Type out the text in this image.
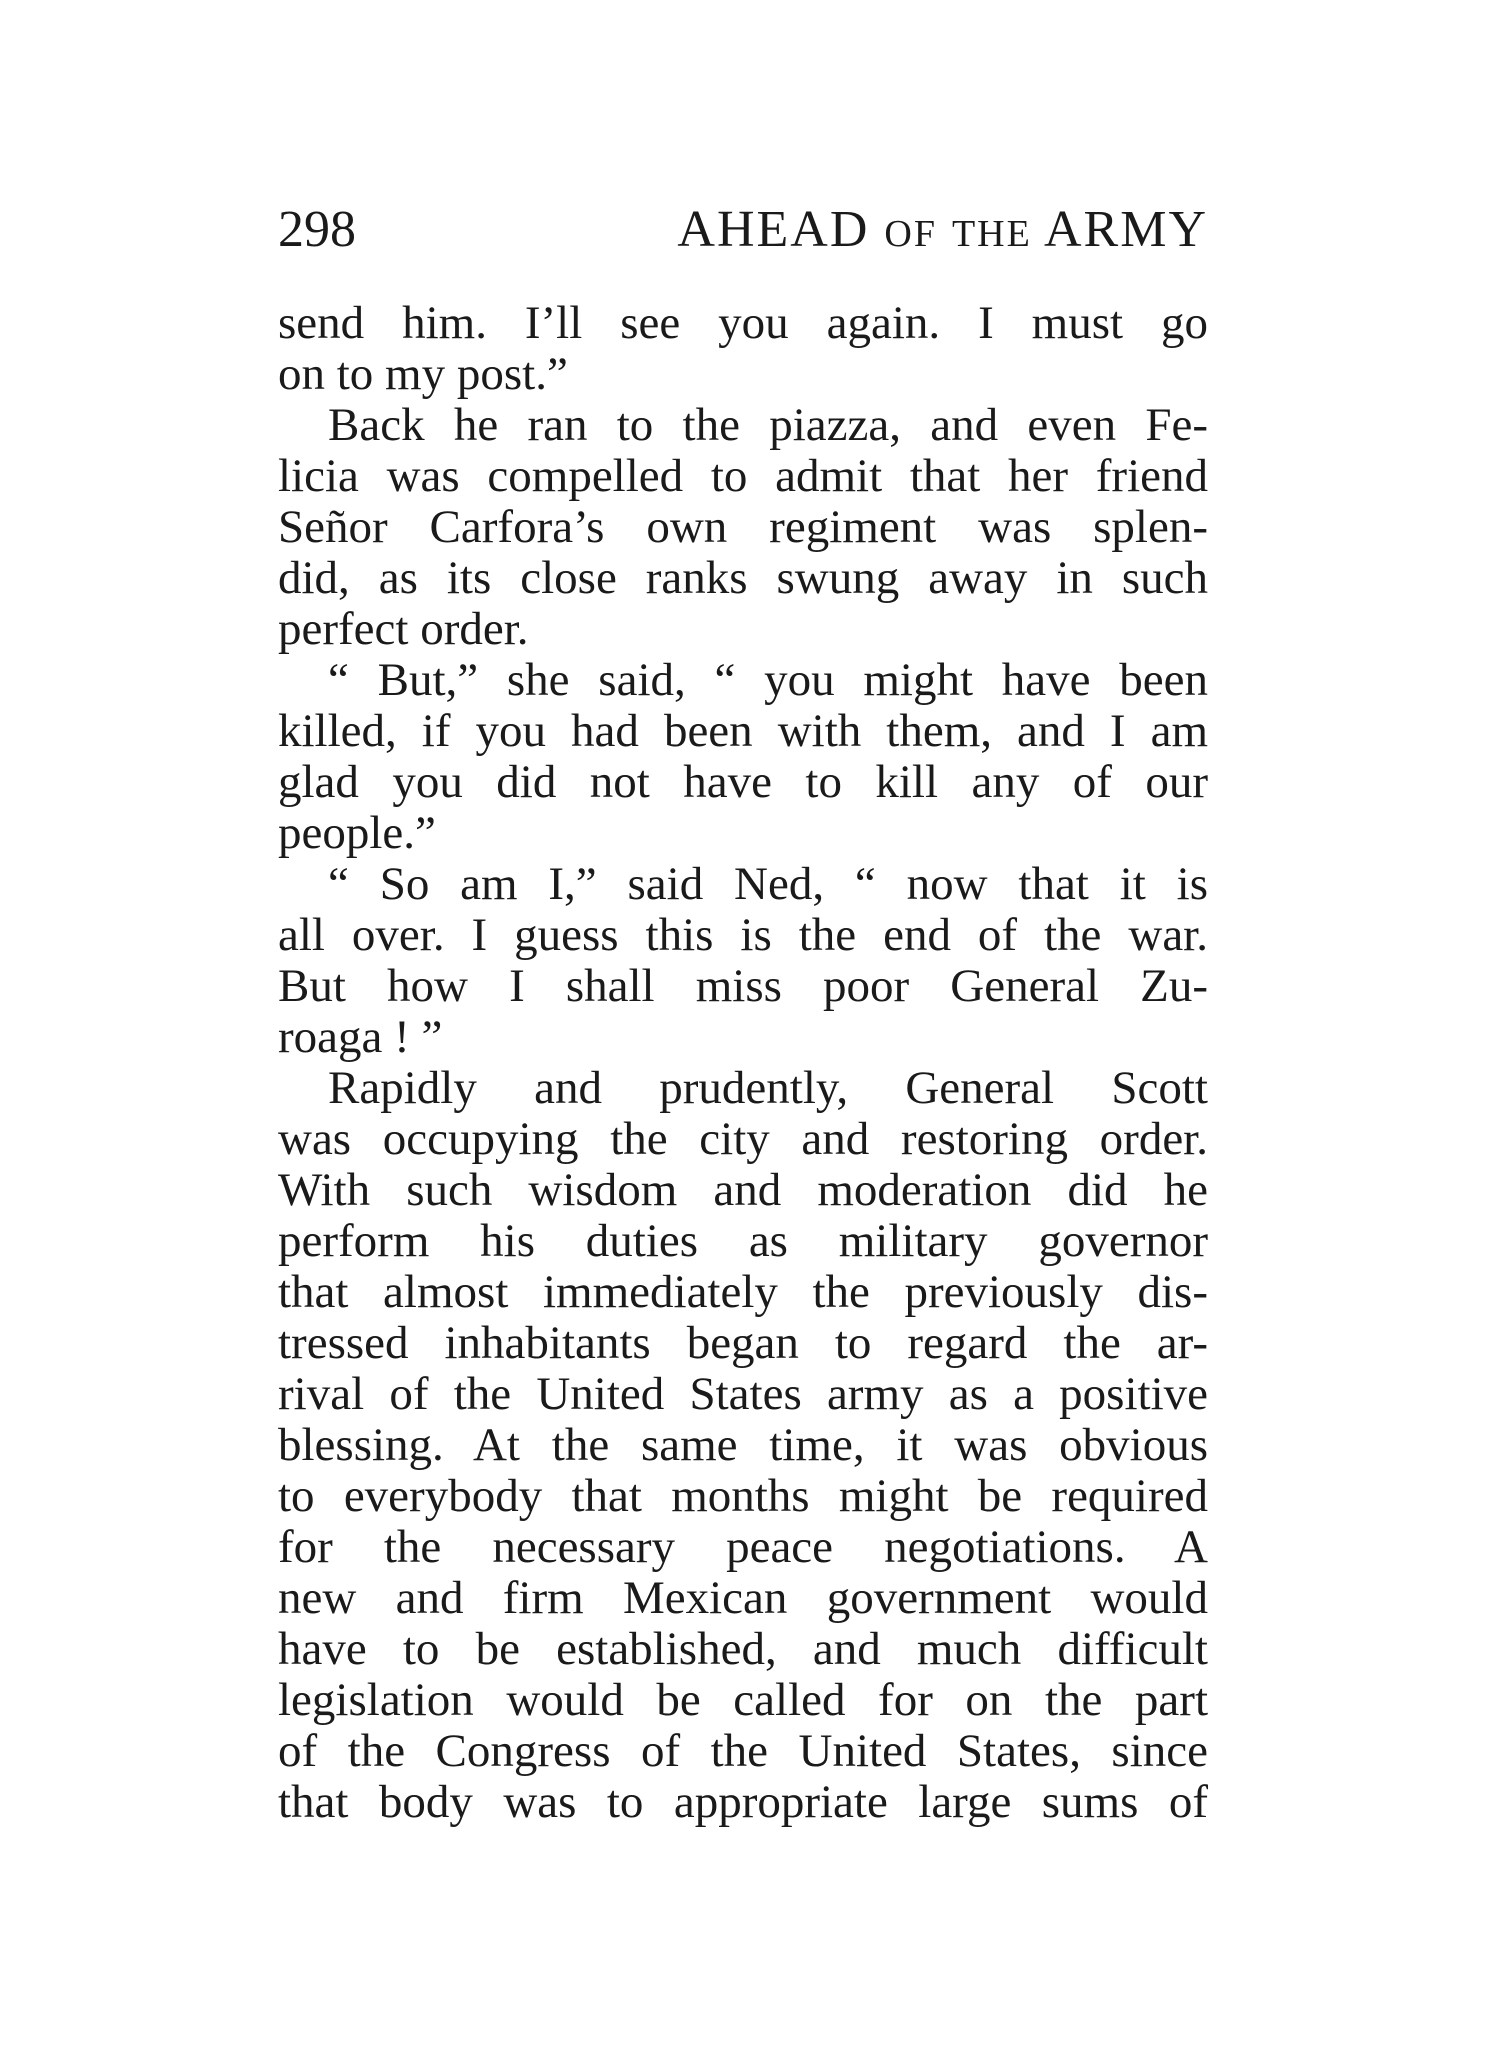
298	AHEAD OF THE ARMY
send him. I’ll see you again. I must go
on to my post.”
Back he ran to the piazza, and even Fe-
licia was compelled to admit that her friend
Señor Carfora’s own regiment was splen-
did, as its close ranks swung away in such
perfect order.
“ But,” she said, “ you might have been
killed, if you had been with them, and I am
glad you did not have to kill any of our
people.”
“ So am I,” said Ned, “ now that it is
all over. I guess this is the end of the war.
But how I shall miss poor General Zu-
roaga ! ”
Rapidly and prudently, General Scott
was occupying the city and restoring order.
With such wisdom and moderation did he
perform his duties as military governor
that almost immediately the previously dis-
tressed inhabitants began to regard the ar-
rival of the United States army as a positive
blessing. At the same time, it was obvious
to everybody that months might be required
for the necessary peace negotiations. A
new and firm Mexican government would
have to be established, and much difficult
legislation would be called for on the part
of the Congress of the United States, since
that body was to appropriate large sums of
